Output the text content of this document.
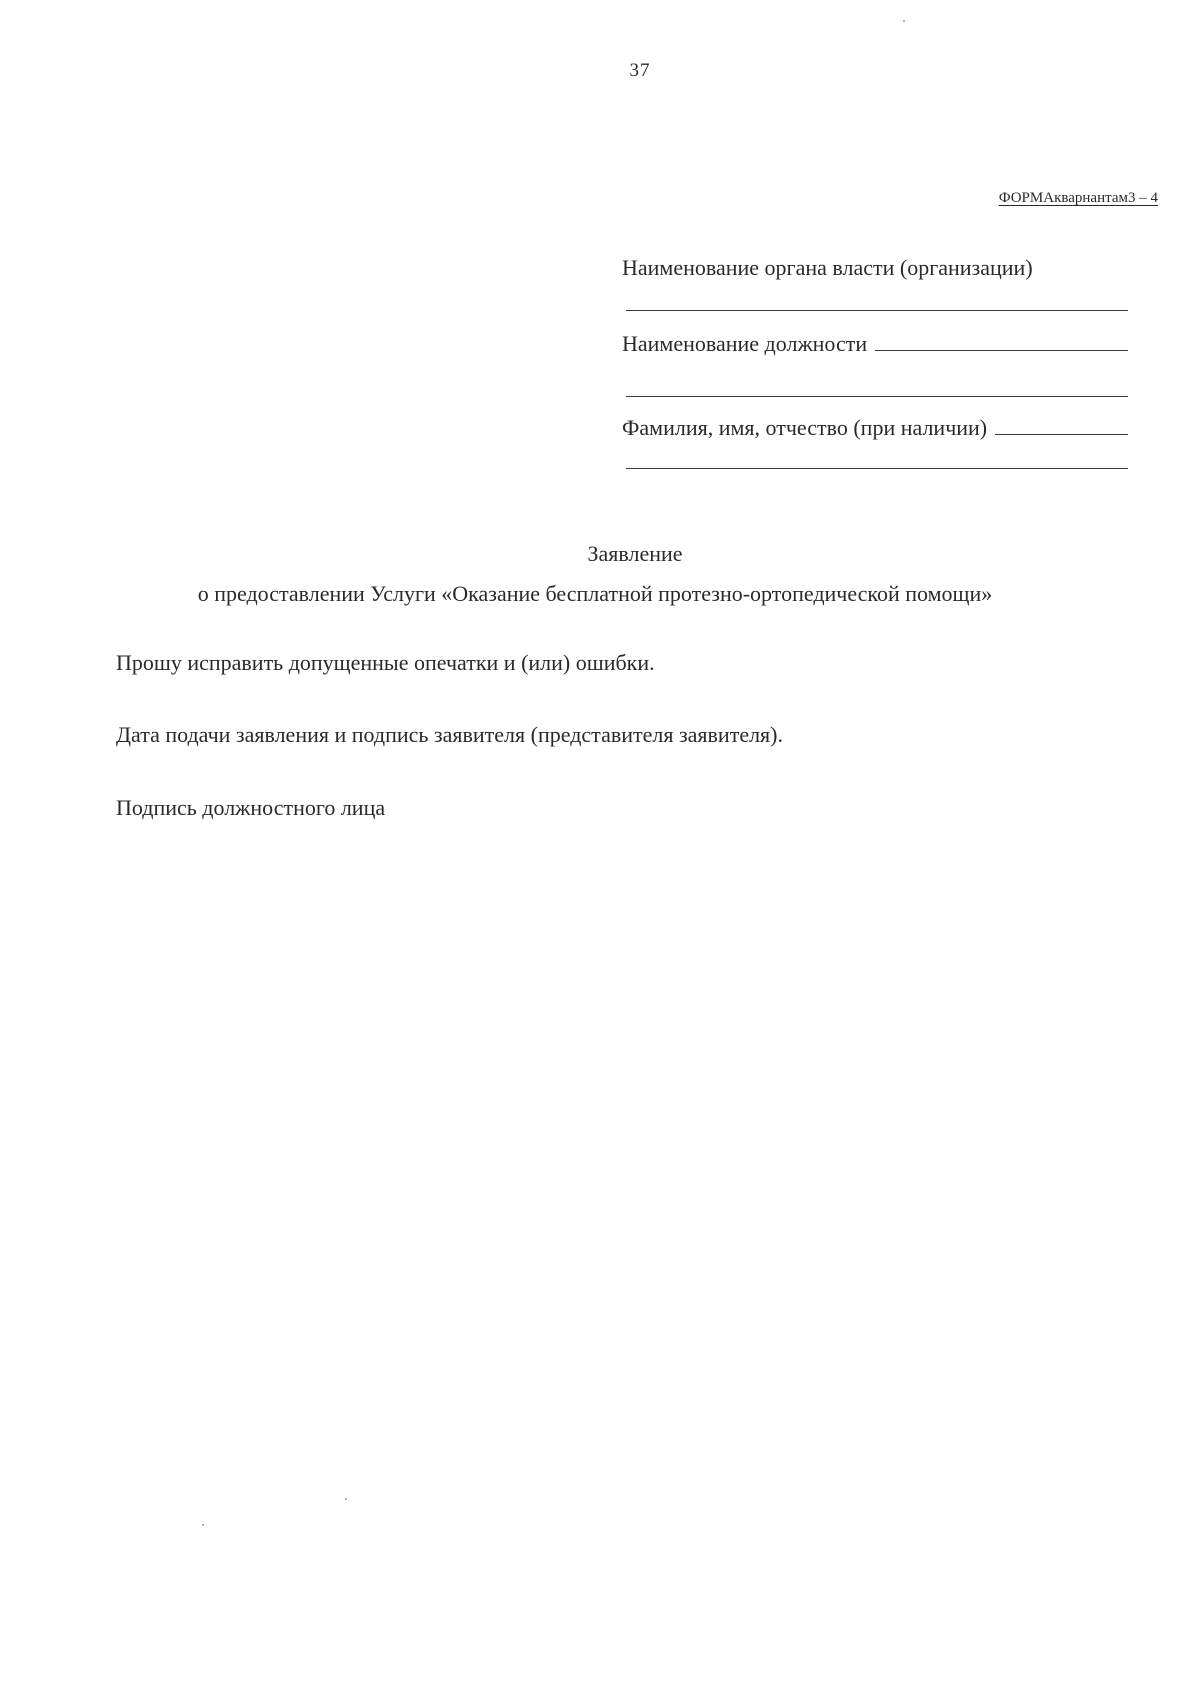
37
ФОРМАкварнантам3 – 4
Наименование органа власти (организации)
Наименование должности
Фамилия, имя, отчество (при наличии)
Заявление
о предоставлении Услуги «Оказание бесплатной протезно-ортопедической помощи»
Прошу исправить допущенные опечатки и (или) ошибки.
Дата подачи заявления и подпись заявителя (представителя заявителя).
Подпись должностного лица
